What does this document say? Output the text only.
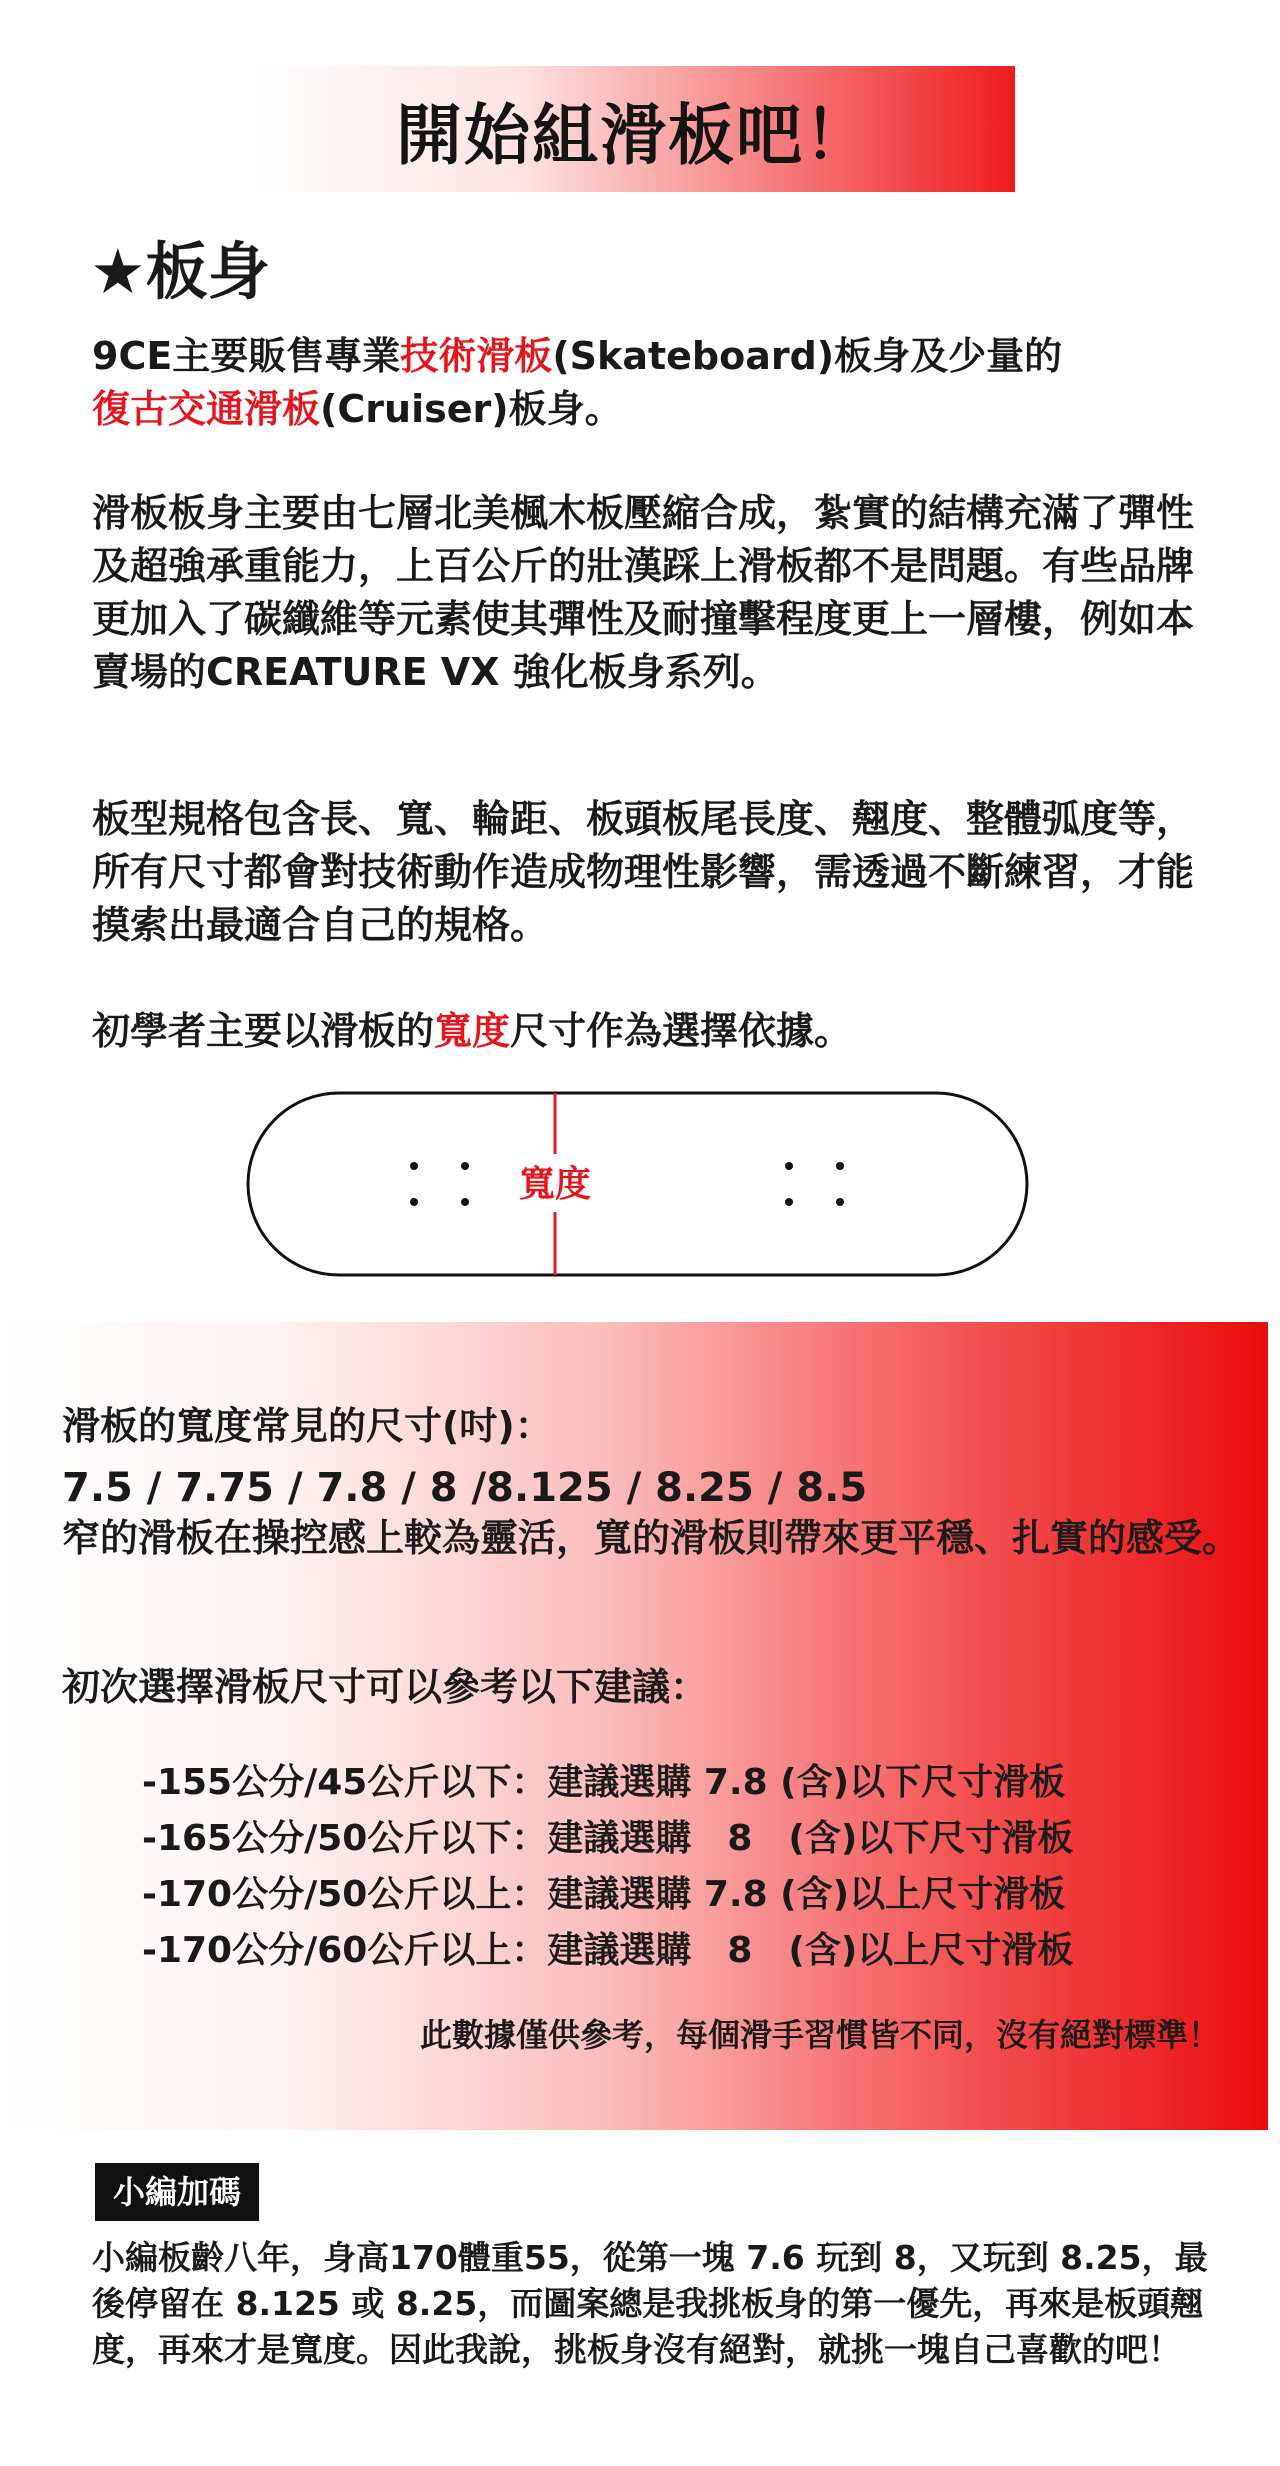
開始組滑板吧！
★板身
9CE主要販售專業技術滑板(Skateboard)板身及少量的
復古交通滑板(Cruiser)板身。
滑板板身主要由七層北美楓木板壓縮合成，紮實的結構充滿了彈性及超強承重能力，上百公斤的壯漢踩上滑板都不是問題。有些品牌更加入了碳纖維等元素使其彈性及耐撞擊程度更上一層樓，例如本賣場的CREATURE VX 強化板身系列。
板型規格包含長、寬、輪距、板頭板尾長度、翹度、整體弧度等，所有尺寸都會對技術動作造成物理性影響，需透過不斷練習，才能摸索出最適合自己的規格。
初學者主要以滑板的寬度尺寸作為選擇依據。
寬度
滑板的寬度常見的尺寸(吋)：
7.5 / 7.75 / 7.8 / 8 /8.125 / 8.25 / 8.5
窄的滑板在操控感上較為靈活，寬的滑板則帶來更平穩、扎實的感受。
初次選擇滑板尺寸可以參考以下建議：
-155公分/45公斤以下：建議選購 7.8 (含)以下尺寸滑板
-165公分/50公斤以下：建議選購　8　(含)以下尺寸滑板
-170公分/50公斤以上：建議選購 7.8 (含)以上尺寸滑板
-170公分/60公斤以上：建議選購　8　(含)以上尺寸滑板
此數據僅供參考，每個滑手習慣皆不同，沒有絕對標準！
小編加碼
小編板齡八年，身高170體重55，從第一塊 7.6 玩到 8，又玩到 8.25，最後停留在 8.125 或 8.25，而圖案總是我挑板身的第一優先，再來是板頭翹度，再來才是寬度。因此我說，挑板身沒有絕對，就挑一塊自己喜歡的吧！
